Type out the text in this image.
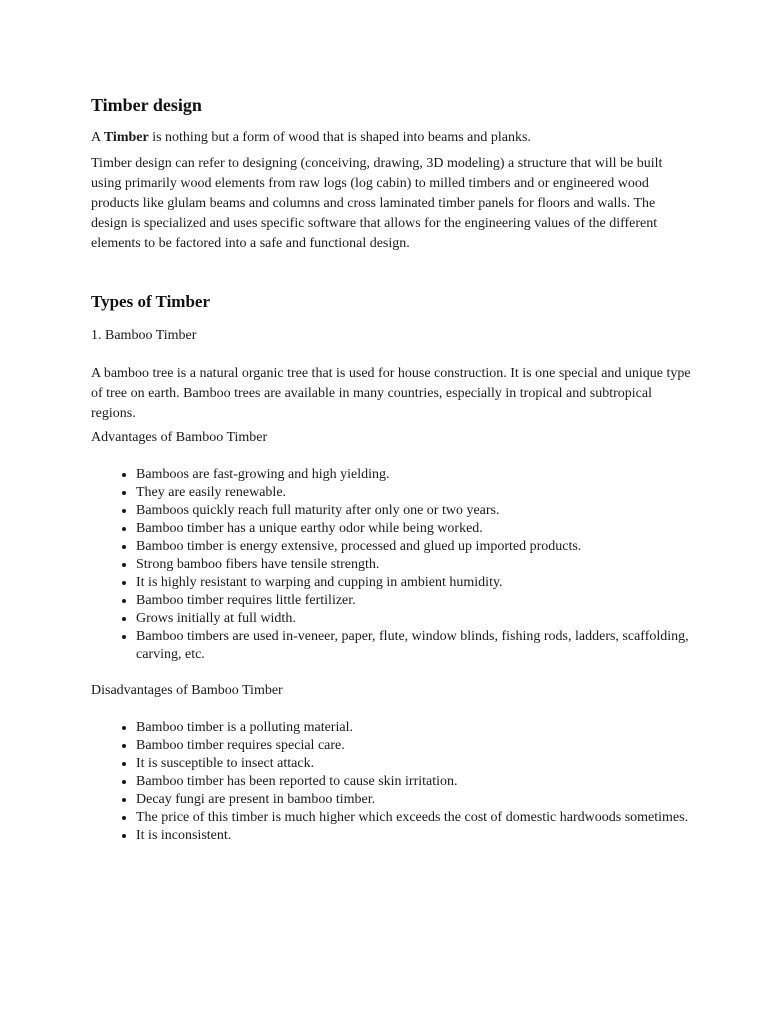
Timber design

A Timber is nothing but a form of wood that is shaped into beams and planks.

Timber design can refer to designing (conceiving, drawing, 3D modeling) a structure that will be built using primarily wood elements from raw logs (log cabin) to milled timbers and or engineered wood products like glulam beams and columns and cross laminated timber panels for floors and walls. The design is specialized and uses specific software that allows for the engineering values of the different elements to be factored into a safe and functional design.

Types of Timber

1. Bamboo Timber

A bamboo tree is a natural organic tree that is used for house construction. It is one special and unique type of tree on earth. Bamboo trees are available in many countries, especially in tropical and subtropical regions.

Advantages of Bamboo Timber

• Bamboos are fast-growing and high yielding.
• They are easily renewable.
• Bamboos quickly reach full maturity after only one or two years.
• Bamboo timber has a unique earthy odor while being worked.
• Bamboo timber is energy extensive, processed and glued up imported products.
• Strong bamboo fibers have tensile strength.
• It is highly resistant to warping and cupping in ambient humidity.
• Bamboo timber requires little fertilizer.
• Grows initially at full width.
• Bamboo timbers are used in-veneer, paper, flute, window blinds, fishing rods, ladders, scaffolding, carving, etc.

Disadvantages of Bamboo Timber

• Bamboo timber is a polluting material.
• Bamboo timber requires special care.
• It is susceptible to insect attack.
• Bamboo timber has been reported to cause skin irritation.
• Decay fungi are present in bamboo timber.
• The price of this timber is much higher which exceeds the cost of domestic hardwoods sometimes.
• It is inconsistent.
